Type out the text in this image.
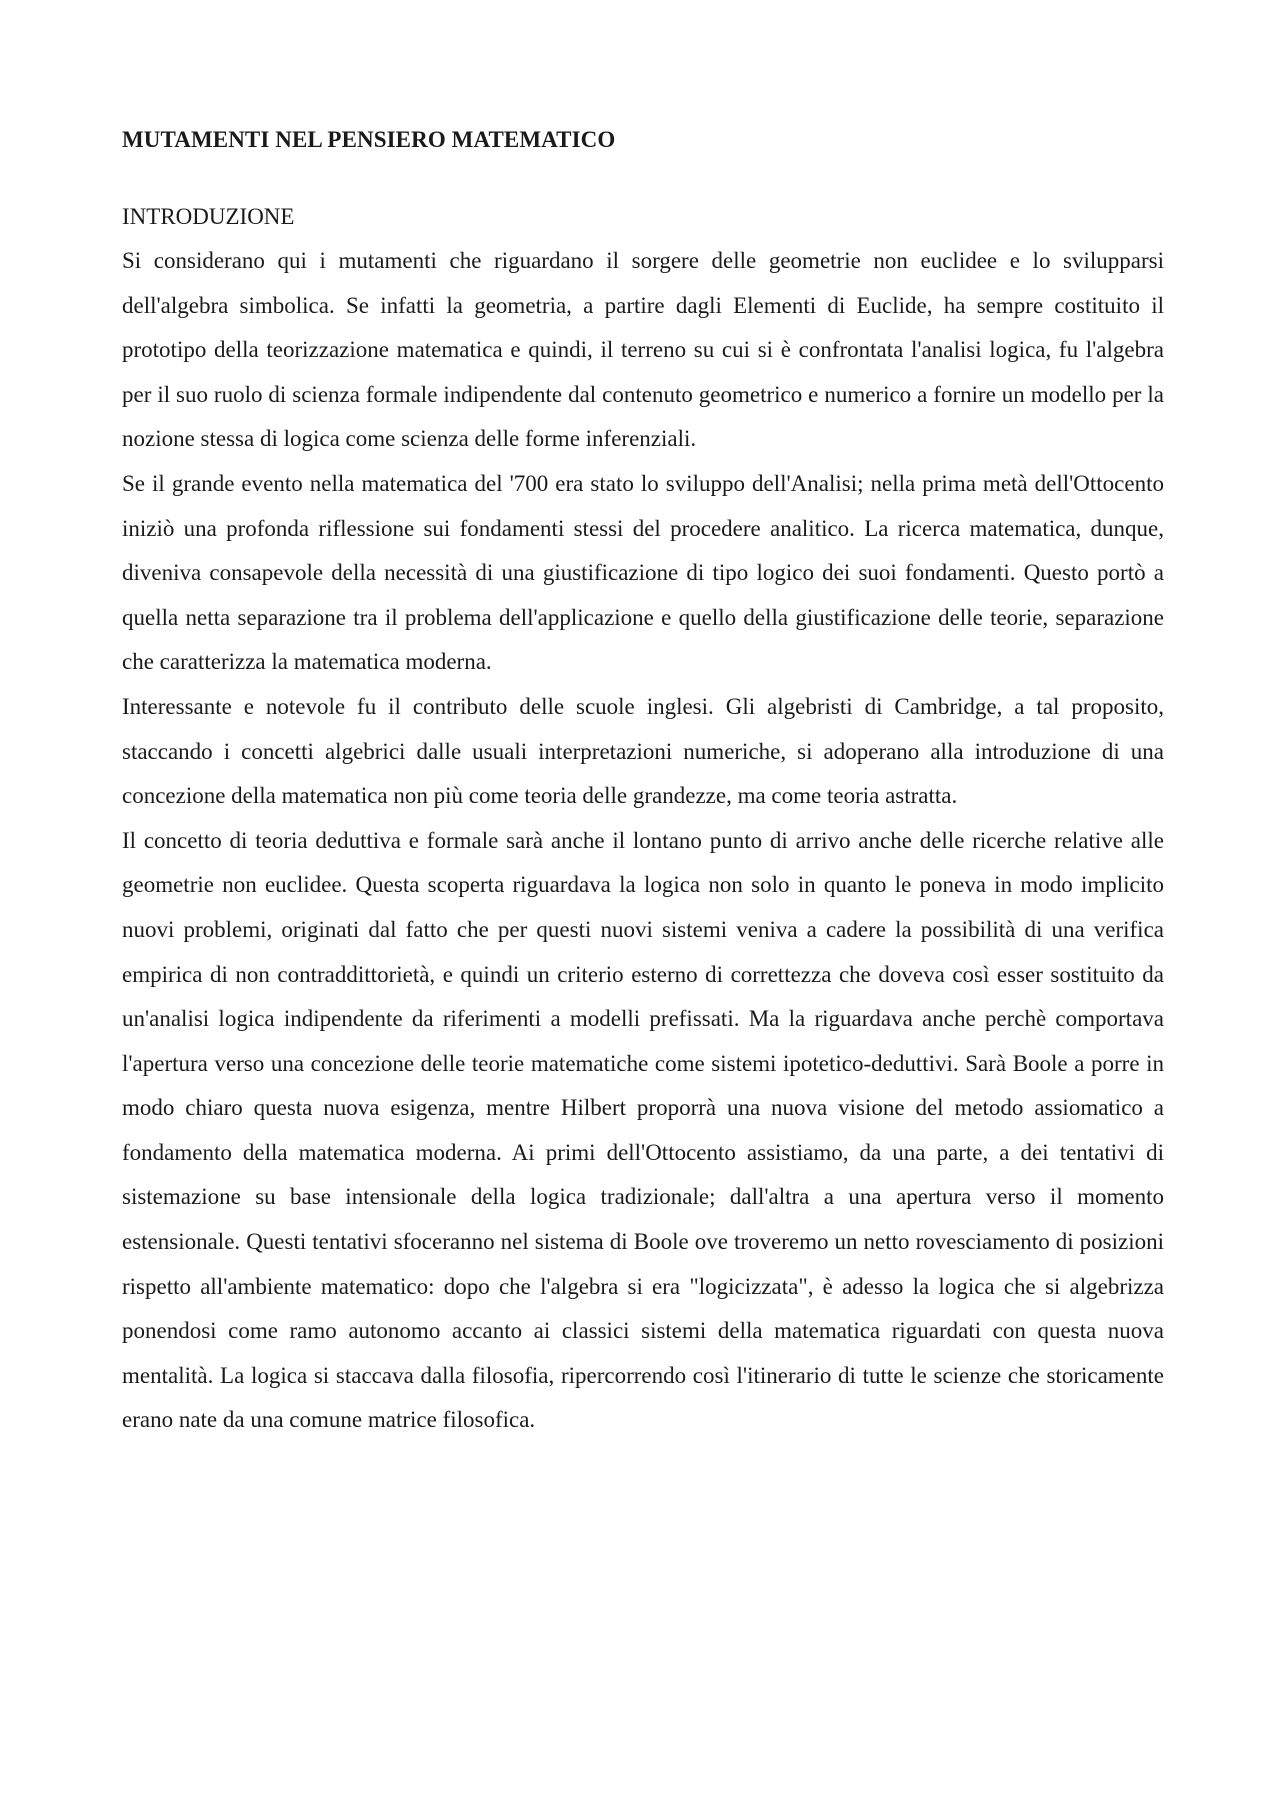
MUTAMENTI NEL PENSIERO MATEMATICO
INTRODUZIONE

Si considerano qui i mutamenti che riguardano il sorgere delle geometrie non euclidee e lo svilupparsi dell'algebra simbolica. Se infatti la geometria, a partire dagli Elementi di Euclide, ha sempre costituito il prototipo della teorizzazione matematica e quindi, il terreno su cui si è confrontata l'analisi logica, fu l'algebra per il suo ruolo di scienza formale indipendente dal contenuto geometrico e numerico a fornire un modello per la nozione stessa di logica come scienza delle forme inferenziali.

Se il grande evento nella matematica del '700 era stato lo sviluppo dell'Analisi; nella prima metà dell'Ottocento iniziò una profonda riflessione sui fondamenti stessi del procedere analitico. La ricerca matematica, dunque, diveniva consapevole della necessità di una giustificazione di tipo logico dei suoi fondamenti. Questo portò a quella netta separazione tra il problema dell'applicazione e quello della giustificazione delle teorie, separazione che caratterizza la matematica moderna.

Interessante e notevole fu il contributo delle scuole inglesi. Gli algebristi di Cambridge, a tal proposito, staccando i concetti algebrici dalle usuali interpretazioni numeriche, si adoperano alla introduzione di una concezione della matematica non più come teoria delle grandezze, ma come teoria astratta.

Il concetto di teoria deduttiva e formale sarà anche il lontano punto di arrivo anche delle ricerche relative alle geometrie non euclidee. Questa scoperta riguardava la logica non solo in quanto le poneva in modo implicito nuovi problemi, originati dal fatto che per questi nuovi sistemi veniva a cadere la possibilità di una verifica empirica di non contraddittorietà, e quindi un criterio esterno di correttezza che doveva così esser sostituito da un'analisi logica indipendente da riferimenti a modelli prefissati. Ma la riguardava anche perchè comportava l'apertura verso una concezione delle teorie matematiche come sistemi ipotetico-deduttivi. Sarà Boole a porre in modo chiaro questa nuova esigenza, mentre Hilbert proporrà una nuova visione del metodo assiomatico a fondamento della matematica moderna. Ai primi dell'Ottocento assistiamo, da una parte, a dei tentativi di sistemazione su base intensionale della logica tradizionale; dall'altra a una apertura verso il momento estensionale. Questi tentativi sfoceranno nel sistema di Boole ove troveremo un netto rovesciamento di posizioni rispetto all'ambiente matematico: dopo che l'algebra si era "logicizzata", è adesso la logica che si algebrizza ponendosi come ramo autonomo accanto ai classici sistemi della matematica riguardati con questa nuova mentalità. La logica si staccava dalla filosofia, ripercorrendo così l'itinerario di tutte le scienze che storicamente erano nate da una comune matrice filosofica.
